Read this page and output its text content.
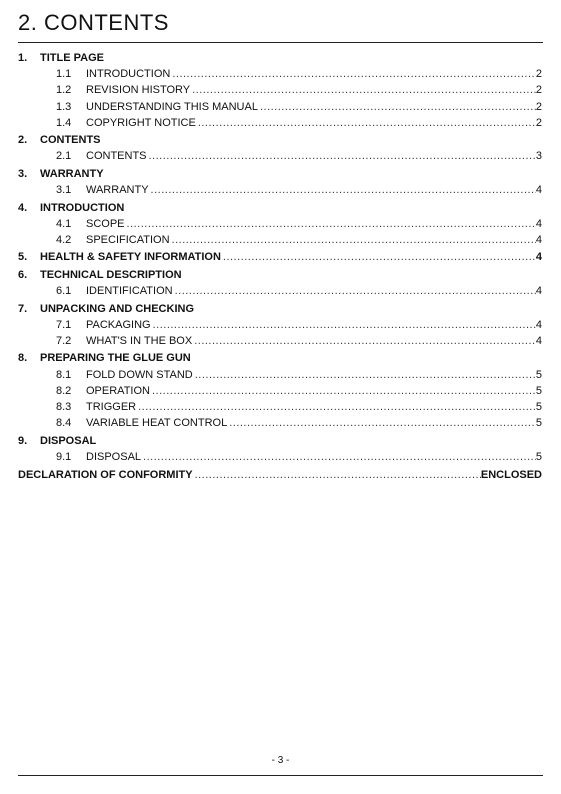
2. CONTENTS
1.	TITLE PAGE
1.1	INTRODUCTION .....	2
1.2	REVISION HISTORY .....	2
1.3	UNDERSTANDING THIS MANUAL .....	2
1.4	COPYRIGHT NOTICE .....	2
2.	CONTENTS
2.1	CONTENTS .....	3
3.	WARRANTY
3.1	WARRANTY .....	4
4.	INTRODUCTION
4.1	SCOPE .....	4
4.2	SPECIFICATION .....	4
5.	HEALTH & SAFETY INFORMATION .....	4
6.	TECHNICAL DESCRIPTION
6.1	IDENTIFICATION .....	4
7.	UNPACKING AND CHECKING
7.1	PACKAGING .....	4
7.2	WHAT'S IN THE BOX .....	4
8.	PREPARING THE GLUE GUN
8.1	FOLD DOWN STAND .....	5
8.2	OPERATION .....	5
8.3	TRIGGER .....	5
8.4	VARIABLE HEAT CONTROL .....	5
9.	DISPOSAL
9.1	DISPOSAL .....	5
DECLARATION OF CONFORMITY .....	ENCLOSED
- 3 -
